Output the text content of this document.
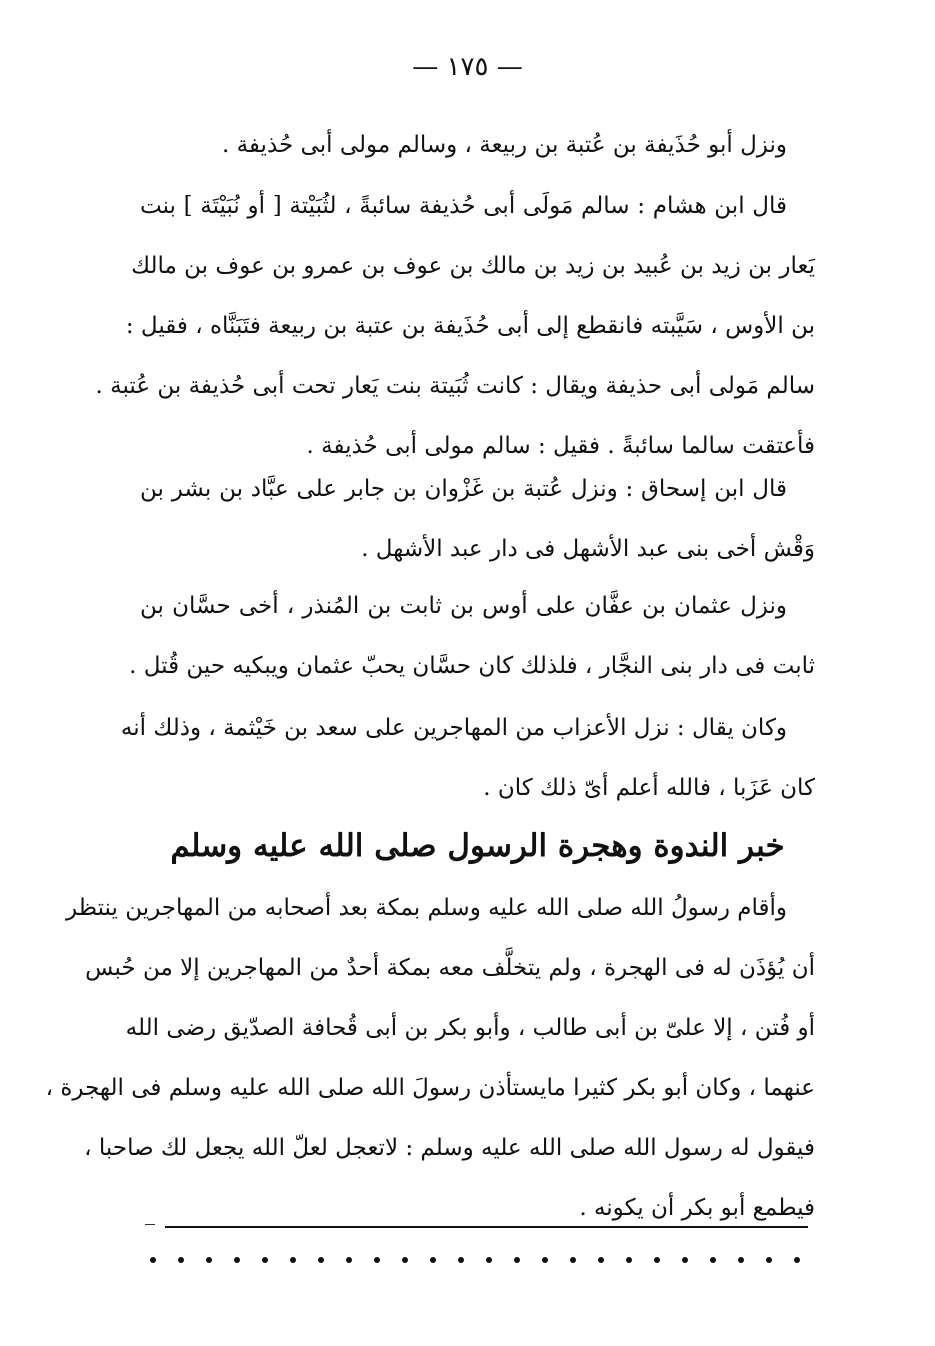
— ١٧٥ —
ونزل أبو حُذَيفة بن عُتبة بن ربيعة ، وسالم مولى أبى حُذيفة .
قال ابن هشام : سالم مَولَى أبى حُذيفة سائبةً ، لثُبَيْتة [ أو نُبَيْتَة ] بنت
يَعار بن زيد بن عُبيد بن زيد بن مالك بن عوف بن عمرو بن عوف بن مالك
بن الأوس ، سَيَّبته فانقطع إلى أبى حُذَيفة بن عتبة بن ربيعة فتَبَنَّاه ، فقيل :
سالم مَولى أبى حذيفة ويقال : كانت ثُبَيتة بنت يَعار تحت أبى حُذيفة بن عُتبة .
فأعتقت سالما سائبةً . فقيل : سالم مولى أبى حُذيفة .
قال ابن إسحاق : ونزل عُتبة بن غَزْوان بن جابر على عبَّاد بن بشر بن
وَقْش أخى بنى عبد الأشهل فى دار عبد الأشهل .
ونزل عثمان بن عفَّان على أوس بن ثابت بن المُنذر ، أخى حسَّان بن
ثابت فى دار بنى النجَّار ، فلذلك كان حسَّان يحبّ عثمان ويبكيه حين قُتل .
وكان يقال : نزل الأعزاب من المهاجرين على سعد بن خَيْثمة ، وذلك أنه
كان عَزَبا ، فالله أعلم أىّ ذلك كان .
خبر الندوة وهجرة الرسول صلى الله عليه وسلم
وأقام رسولُ الله صلى الله عليه وسلم بمكة بعد أصحابه من المهاجرين ينتظر
أن يُؤذَن له فى الهجرة ، ولم يتخلَّف معه بمكة أحدٌ من المهاجرين إلا من حُبس
أو فُتن ، إلا علىّ بن أبى طالب ، وأبو بكر بن أبى قُحافة الصدّيق رضى الله
عنهما ، وكان أبو بكر كثيرا مايستأذن رسولَ الله صلى الله عليه وسلم فى الهجرة ،
فيقول له رسول الله صلى الله عليه وسلم : لاتعجل لعلّ الله يجعل لك صاحبا ،
فيطمع أبو بكر أن يكونه .
